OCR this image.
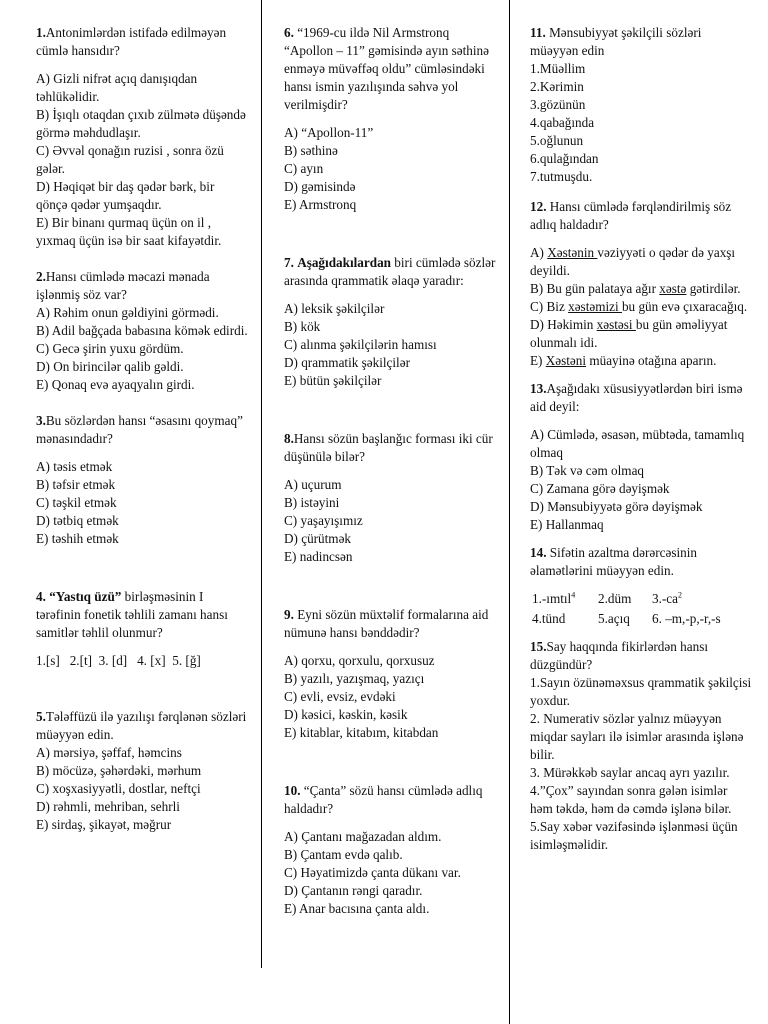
1.Antonimlərdən istifadə edilməyən cümlə hansıdır?

A) Gizli nifrət açıq danışıqdan təhlükəlidir.

B) İşıqlı otaqdan çıxıb zülmətə düşəndə görmə məhdudlaşır.

C) Əvvəl qonağın ruzisi , sonra özü gələr.

D) Həqiqət bir daş qədər bərk, bir qönçə qədər yumşaqdır.

E) Bir binanı qurmaq üçün on il , yıxmaq üçün isə bir saat kifayətdir.

2.Hansı cümlədə məcazi mənada işlənmiş söz var?

A) Rəhim onun gəldiyini görmədi.

B) Adil bağçada babasına kömək edirdi.

C) Gecə şirin yuxu gördüm.

D) On birincilər qalib gəldi.

E) Qonaq evə ayaqyalın girdi.

3.Bu sözlərdən hansı “əsasını qoymaq” mənasındadır?

A) təsis etmək

B) təfsir etmək

C) təşkil etmək

D) tətbiq etmək

E) təshih etmək

4. “Yastıq üzü” birləşməsinin I tərəfinin fonetik təhlili zamanı hansı samitlər təhlil olunmur?

1.[s]   2.[t]  3. [d]   4. [x]  5. [ğ]

5.Tələffüzü ilə yazılışı fərqlənən sözləri müəyyən edin.

A) mərsiyə, şəffaf, həmcins

B) möcüzə, şəhərdəki, mərhum

C) xoşxasiyyətli, dostlar, neftçi

D) rəhmli, mehriban, sehrli

E) sirdaş, şikayət, məğrur

6. “1969-cu ildə Nil Armstronq “Apollon – 11” gəmisində ayın səthinə enməyə müvəffəq oldu” cümləsindəki hansı ismin yazılışında səhvə yol verilmişdir?

A) “Apollon-11”

B) səthinə

C) ayın

D) gəmisində

E) Armstronq

7. Aşağıdakılardan biri cümlədə sözlər arasında qrammatik əlaqə yaradır:

A) leksik şəkilçilər

B) kök

C) alınma şəkilçilərin hamısı

D) qrammatik şəkilçilər

E) bütün şəkilçilər

8.Hansı sözün başlanğıc forması iki cür düşünülə bilər?

A) uçurum

B) istəyini

C) yaşayışımız

D) çürütmək

E) nadincsən

9. Eyni sözün müxtəlif formalarına aid nümunə hansı bənddədir?

A) qorxu, qorxulu, qorxusuz

B) yazılı, yazışmaq, yazıçı

C) evli, evsiz, evdəki

D) kəsici, kəskin, kəsik

E) kitablar, kitabım, kitabdan

10. “Çanta” sözü hansı cümlədə adlıq haldadır?

A) Çantanı mağazadan aldım.

B) Çantam evdə qalıb.

C) Həyatimizdə çanta dükanı var.

D) Çantanın rəngi qaradır.

E) Anar bacısına çanta aldı.

11. Mənsubiyyət şəkilçili sözləri müəyyən edin

1.Müəllim

2.Kərimin

3.gözünün

4.qabağında

5.oğlunun

6.qulağından

7.tutmuşdu.

12. Hansı cümlədə fərqləndirilmiş söz adlıq haldadır?

A) Xəstənin vəziyyəti o qədər də yaxşı deyildi.

B) Bu gün palataya ağır xəstə gətirdilər.

C) Biz xəstəmizi bu gün evə çıxaracağıq.

D) Həkimin xəstəsi bu gün əməliyyat olunmalı idi.

E) Xəstəni müayinə otağına aparın.

13.Aşağıdakı xüsusiyyətlərdən biri ismə aid deyil:

A) Cümlədə, əsasən, mübtəda, tamamlıq olmaq

B) Tək və cəm olmaq

C) Zamana görə dəyişmək

D) Mənsubiyyətə görə dəyişmək

E) Hallanmaq

14. Sifətin azaltma dərərcəsinin əlamətlərini müəyyən edin.

1.-ımtıl$^4$	2.düm	$3.-ca^2$
4.tünd	5.açıq	6. –m,-p,-r,-s

15.Say haqqında fikirlərdən hansı düzgündür?

1.Sayın özünəməxsus qrammatik şəkilçisi yoxdur.

2. Numerativ sözlər yalnız müəyyən miqdar sayları ilə isimlər arasında işlənə bilir.

3. Mürəkkəb saylar ancaq ayrı yazılır.

4.”Çox” sayından sonra gələn isimlər həm təkdə, həm də cəmdə işlənə bilər.

5.Say xəbər vəzifəsində işlənməsi üçün isimləşməlidir.
